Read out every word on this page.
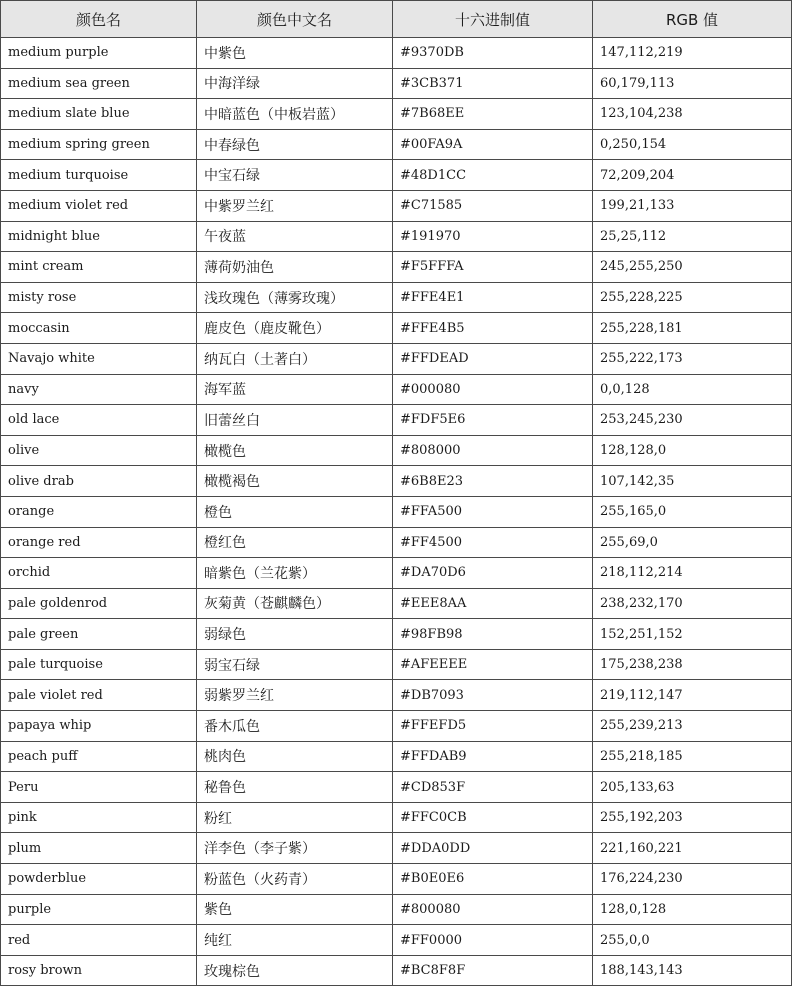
颜色名	颜色中文名	十六进制值	RGB 值
medium purple	中紫色	#9370DB	147,112,219
medium sea green	中海洋绿	#3CB371	60,179,113
medium slate blue	中暗蓝色（中板岩蓝）	#7B68EE	123,104,238
medium spring green	中春绿色	#00FA9A	0,250,154
medium turquoise	中宝石绿	#48D1CC	72,209,204
medium violet red	中紫罗兰红	#C71585	199,21,133
midnight blue	午夜蓝	#191970	25,25,112
mint cream	薄荷奶油色	#F5FFFA	245,255,250
misty rose	浅玫瑰色（薄雾玫瑰）	#FFE4E1	255,228,225
moccasin	鹿皮色（鹿皮靴色）	#FFE4B5	255,228,181
Navajo white	纳瓦白（土著白）	#FFDEAD	255,222,173
navy	海军蓝	#000080	0,0,128
old lace	旧蕾丝白	#FDF5E6	253,245,230
olive	橄榄色	#808000	128,128,0
olive drab	橄榄褐色	#6B8E23	107,142,35
orange	橙色	#FFA500	255,165,0
orange red	橙红色	#FF4500	255,69,0
orchid	暗紫色（兰花紫）	#DA70D6	218,112,214
pale goldenrod	灰菊黄（苍麒麟色）	#EEE8AA	238,232,170
pale green	弱绿色	#98FB98	152,251,152
pale turquoise	弱宝石绿	#AFEEEE	175,238,238
pale violet red	弱紫罗兰红	#DB7093	219,112,147
papaya whip	番木瓜色	#FFEFD5	255,239,213
peach puff	桃肉色	#FFDAB9	255,218,185
Peru	秘鲁色	#CD853F	205,133,63
pink	粉红	#FFC0CB	255,192,203
plum	洋李色（李子紫）	#DDA0DD	221,160,221
powderblue	粉蓝色（火药青）	#B0E0E6	176,224,230
purple	紫色	#800080	128,0,128
red	纯红	#FF0000	255,0,0
rosy brown	玫瑰棕色	#BC8F8F	188,143,143
